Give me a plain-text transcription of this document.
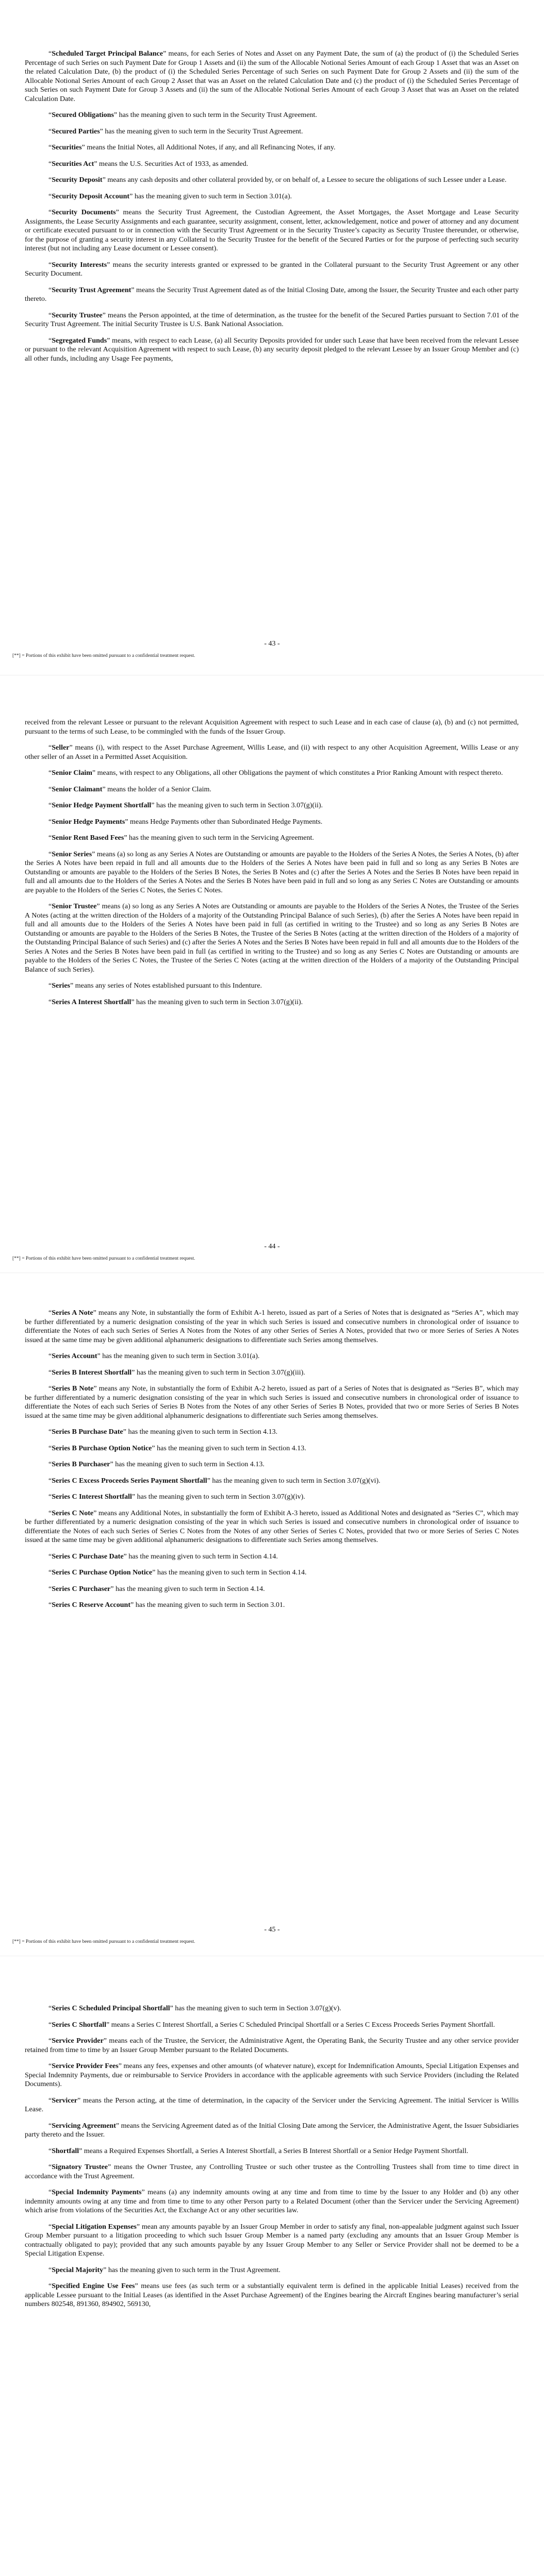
“Scheduled Target Principal Balance” means, for each Series of Notes and Asset on any Payment Date, the sum of (a) the product of (i) the Scheduled Series Percentage of such Series on such Payment Date for Group 1 Assets and (ii) the sum of the Allocable Notional Series Amount of each Group 1 Asset that was an Asset on the related Calculation Date, (b) the product of (i) the Scheduled Series Percentage of such Series on such Payment Date for Group 2 Assets and (ii) the sum of the Allocable Notional Series Amount of each Group 2 Asset that was an Asset on the related Calculation Date and (c) the product of (i) the Scheduled Series Percentage of such Series on such Payment Date for Group 3 Assets and (ii) the sum of the Allocable Notional Series Amount of each Group 3 Asset that was an Asset on the related Calculation Date.

“Secured Obligations” has the meaning given to such term in the Security Trust Agreement.

“Secured Parties” has the meaning given to such term in the Security Trust Agreement.

“Securities” means the Initial Notes, all Additional Notes, if any, and all Refinancing Notes, if any.

“Securities Act” means the U.S. Securities Act of 1933, as amended.

“Security Deposit” means any cash deposits and other collateral provided by, or on behalf of, a Lessee to secure the obligations of such Lessee under a Lease.

“Security Deposit Account” has the meaning given to such term in Section 3.01(a).

“Security Documents” means the Security Trust Agreement, the Custodian Agreement, the Asset Mortgages, the Asset Mortgage and Lease Security Assignments, the Lease Security Assignments and each guarantee, security assignment, consent, letter, acknowledgement, notice and power of attorney and any document or certificate executed pursuant to or in connection with the Security Trust Agreement or in the Security Trustee’s capacity as Security Trustee thereunder, or otherwise, for the purpose of granting a security interest in any Collateral to the Security Trustee for the benefit of the Secured Parties or for the purpose of perfecting such security interest (but not including any Lease document or Lessee consent).

“Security Interests” means the security interests granted or expressed to be granted in the Collateral pursuant to the Security Trust Agreement or any other Security Document.

“Security Trust Agreement” means the Security Trust Agreement dated as of the Initial Closing Date, among the Issuer, the Security Trustee and each other party thereto.

“Security Trustee” means the Person appointed, at the time of determination, as the trustee for the benefit of the Secured Parties pursuant to Section 7.01 of the Security Trust Agreement. The initial Security Trustee is U.S. Bank National Association.

“Segregated Funds” means, with respect to each Lease, (a) all Security Deposits provided for under such Lease that have been received from the relevant Lessee or pursuant to the relevant Acquisition Agreement with respect to such Lease, (b) any security deposit pledged to the relevant Lessee by an Issuer Group Member and (c) all other funds, including any Usage Fee payments,

- 43 -
[**] = Portions of this exhibit have been omitted pursuant to a confidential treatment request.

received from the relevant Lessee or pursuant to the relevant Acquisition Agreement with respect to such Lease and in each case of clause (a), (b) and (c) not permitted, pursuant to the terms of such Lease, to be commingled with the funds of the Issuer Group.

“Seller” means (i), with respect to the Asset Purchase Agreement, Willis Lease, and (ii) with respect to any other Acquisition Agreement, Willis Lease or any other seller of an Asset in a Permitted Asset Acquisition.

“Senior Claim” means, with respect to any Obligations, all other Obligations the payment of which constitutes a Prior Ranking Amount with respect thereto.

“Senior Claimant” means the holder of a Senior Claim.

“Senior Hedge Payment Shortfall” has the meaning given to such term in Section 3.07(g)(ii).

“Senior Hedge Payments” means Hedge Payments other than Subordinated Hedge Payments.

“Senior Rent Based Fees” has the meaning given to such term in the Servicing Agreement.

“Senior Series” means (a) so long as any Series A Notes are Outstanding or amounts are payable to the Holders of the Series A Notes, the Series A Notes, (b) after the Series A Notes have been repaid in full and all amounts due to the Holders of the Series A Notes have been paid in full and so long as any Series B Notes are Outstanding or amounts are payable to the Holders of the Series B Notes, the Series B Notes and (c) after the Series A Notes and the Series B Notes have been repaid in full and all amounts due to the Holders of the Series A Notes and the Series B Notes have been paid in full and so long as any Series C Notes are Outstanding or amounts are payable to the Holders of the Series C Notes, the Series C Notes.

“Senior Trustee” means (a) so long as any Series A Notes are Outstanding or amounts are payable to the Holders of the Series A Notes, the Trustee of the Series A Notes (acting at the written direction of the Holders of a majority of the Outstanding Principal Balance of such Series), (b) after the Series A Notes have been repaid in full and all amounts due to the Holders of the Series A Notes have been paid in full (as certified in writing to the Trustee) and so long as any Series B Notes are Outstanding or amounts are payable to the Holders of the Series B Notes, the Trustee of the Series B Notes (acting at the written direction of the Holders of a majority of the Outstanding Principal Balance of such Series) and (c) after the Series A Notes and the Series B Notes have been repaid in full and all amounts due to the Holders of the Series A Notes and the Series B Notes have been paid in full (as certified in writing to the Trustee) and so long as any Series C Notes are Outstanding or amounts are payable to the Holders of the Series C Notes, the Trustee of the Series C Notes (acting at the written direction of the Holders of a majority of the Outstanding Principal Balance of such Series).

“Series” means any series of Notes established pursuant to this Indenture.

“Series A Interest Shortfall” has the meaning given to such term in Section 3.07(g)(ii).

- 44 -
[**] = Portions of this exhibit have been omitted pursuant to a confidential treatment request.

“Series A Note” means any Note, in substantially the form of Exhibit A-1 hereto, issued as part of a Series of Notes that is designated as “Series A”, which may be further differentiated by a numeric designation consisting of the year in which such Series is issued and consecutive numbers in chronological order of issuance to differentiate the Notes of each such Series of Series A Notes from the Notes of any other Series of Series A Notes, provided that two or more Series of Series A Notes issued at the same time may be given additional alphanumeric designations to differentiate such Series among themselves.

“Series Account” has the meaning given to such term in Section 3.01(a).

“Series B Interest Shortfall” has the meaning given to such term in Section 3.07(g)(iii).

“Series B Note” means any Note, in substantially the form of Exhibit A-2 hereto, issued as part of a Series of Notes that is designated as “Series B”, which may be further differentiated by a numeric designation consisting of the year in which such Series is issued and consecutive numbers in chronological order of issuance to differentiate the Notes of each such Series of Series B Notes from the Notes of any other Series of Series B Notes, provided that two or more Series of Series B Notes issued at the same time may be given additional alphanumeric designations to differentiate such Series among themselves.

“Series B Purchase Date” has the meaning given to such term in Section 4.13.

“Series B Purchase Option Notice” has the meaning given to such term in Section 4.13.

“Series B Purchaser” has the meaning given to such term in Section 4.13.

“Series C Excess Proceeds Series Payment Shortfall” has the meaning given to such term in Section 3.07(g)(vi).

“Series C Interest Shortfall” has the meaning given to such term in Section 3.07(g)(iv).

“Series C Note” means any Additional Notes, in substantially the form of Exhibit A-3 hereto, issued as Additional Notes and designated as “Series C”, which may be further differentiated by a numeric designation consisting of the year in which such Series is issued and consecutive numbers in chronological order of issuance to differentiate the Notes of each such Series of Series C Notes from the Notes of any other Series of Series C Notes, provided that two or more Series of Series C Notes issued at the same time may be given additional alphanumeric designations to differentiate such Series among themselves.

“Series C Purchase Date” has the meaning given to such term in Section 4.14.

“Series C Purchase Option Notice” has the meaning given to such term in Section 4.14.

“Series C Purchaser” has the meaning given to such term in Section 4.14.

“Series C Reserve Account” has the meaning given to such term in Section 3.01.

- 45 -
[**] = Portions of this exhibit have been omitted pursuant to a confidential treatment request.

“Series C Scheduled Principal Shortfall” has the meaning given to such term in Section 3.07(g)(v).

“Series C Shortfall” means a Series C Interest Shortfall, a Series C Scheduled Principal Shortfall or a Series C Excess Proceeds Series Payment Shortfall.

“Service Provider” means each of the Trustee, the Servicer, the Administrative Agent, the Operating Bank, the Security Trustee and any other service provider retained from time to time by an Issuer Group Member pursuant to the Related Documents.

“Service Provider Fees” means any fees, expenses and other amounts (of whatever nature), except for Indemnification Amounts, Special Litigation Expenses and Special Indemnity Payments, due or reimbursable to Service Providers in accordance with the applicable agreements with such Service Providers (including the Related Documents).

“Servicer” means the Person acting, at the time of determination, in the capacity of the Servicer under the Servicing Agreement. The initial Servicer is Willis Lease.

“Servicing Agreement” means the Servicing Agreement dated as of the Initial Closing Date among the Servicer, the Administrative Agent, the Issuer Subsidiaries party thereto and the Issuer.

“Shortfall” means a Required Expenses Shortfall, a Series A Interest Shortfall, a Series B Interest Shortfall or a Senior Hedge Payment Shortfall.

“Signatory Trustee” means the Owner Trustee, any Controlling Trustee or such other trustee as the Controlling Trustees shall from time to time direct in accordance with the Trust Agreement.

“Special Indemnity Payments” means (a) any indemnity amounts owing at any time and from time to time by the Issuer to any Holder and (b) any other indemnity amounts owing at any time and from time to time to any other Person party to a Related Document (other than the Servicer under the Servicing Agreement) which arise from violations of the Securities Act, the Exchange Act or any other securities law.

“Special Litigation Expenses” mean any amounts payable by an Issuer Group Member in order to satisfy any final, non-appealable judgment against such Issuer Group Member pursuant to a litigation proceeding to which such Issuer Group Member is a named party (excluding any amounts that an Issuer Group Member is contractually obligated to pay); provided that any such amounts payable by any Issuer Group Member to any Seller or Service Provider shall not be deemed to be a Special Litigation Expense.

“Special Majority” has the meaning given to such term in the Trust Agreement.

“Specified Engine Use Fees” means use fees (as such term or a substantially equivalent term is defined in the applicable Initial Leases) received from the applicable Lessee pursuant to the Initial Leases (as identified in the Asset Purchase Agreement) of the Engines bearing the Aircraft Engines bearing manufacturer’s serial numbers 802548, 891360, 894902, 569130,
